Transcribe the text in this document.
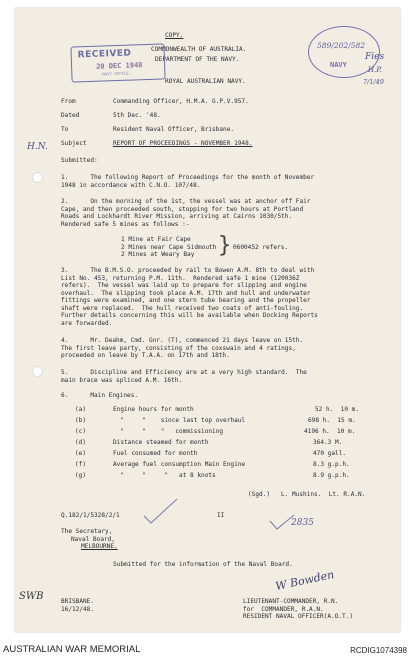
COPY.
COMMONWEALTH OF AUSTRALIA.
DEPARTMENT OF THE NAVY.
ROYAL AUSTRALIAN NAVY.
RECEIVED
20 DEC 1948
NAVY OFFICE
589/202/582
NAVY
Fies
H.P.
7/1/49
H.N.
From	Commanding Officer, H.M.A. G.P.V.957.
Dated	5th Dec. '48.
To	Resident Naval Officer, Brisbane.
Subject	REPORT OF PROCEEDINGS - NOVEMBER 1948.
Submitted:
1.      The following Report of Proceedings for the month of November
1948 in accordance with C.N.O. 107/48.
2.      On the morning of the 1st, the vessel was at anchor off Fair
Cape, and then proceeded south, stopping for two hours at Portland
Roads and Lockhardt River Mission, arriving at Cairns 1030/5th.
Rendered safe 5 mines as follows :-
1 Mine at Fair Cape
2 Mines near Cape Sidmouth
2 Mines at Weary Bay } 0600452 refers.
3.      The B.M.S.O. proceeded by rail to Bowen A.M. 8th to deal with
List No. 453, returning P.M. 11th.  Rendered safe 1 mine (120036Z
refers).  The vessel was laid up to prepare for slipping and engine
overhaul.  The slipping took place A.M. 17th and hull and underwater
fittings were examined, and one stern tube bearing and the propeller
shaft were replaced.  The hull received two coats of anti-fouling.
Further details concerning this will be available when Docking Reports
are forwarded.
4.      Mr. Deahm, Cmd. Gnr. (T), commenced 21 days leave on 15th.
The first leave party, consisting of the coxswain and 4 ratings,
proceeded on leave by T.A.A. on 17th and 18th.
5.      Discipline and Efficiency are at a very high standard.  The
main brace was spliced A.M. 16th.
6.      Main Engines.
(a)	Engine hours for month	52 h.  10 m.
(b)	"     "    since last top overhaul	698 h.  15 m.
(c)	"     "    "   commissioning	4196 h.  10 m.
(d)	Distance steamed for month	364.3 M.
(e)	Fuel consumed for month	470 gall.
(f)	Average fuel consumption Main Engine	8.3 g.p.h.
(g)	"     "     "   at 8 knots	8.9 g.p.h.
(Sgd.)   L. Mushins.  Lt. R.A.N.
Q.182/1/5328/2/1	II
2835
The Secretary,
Naval Board,
MELBOURNE.
Submitted for the information of the Naval Board.
SWB	BRISBANE.
16/12/48.
W Bowden
LIEUTENANT-COMMANDER, R.N.
for  COMMANDER, R.A.N.
RESIDENT NAVAL OFFICER(A.O.T.)
AUSTRALIAN WAR MEMORIAL	RCDIG1074398
